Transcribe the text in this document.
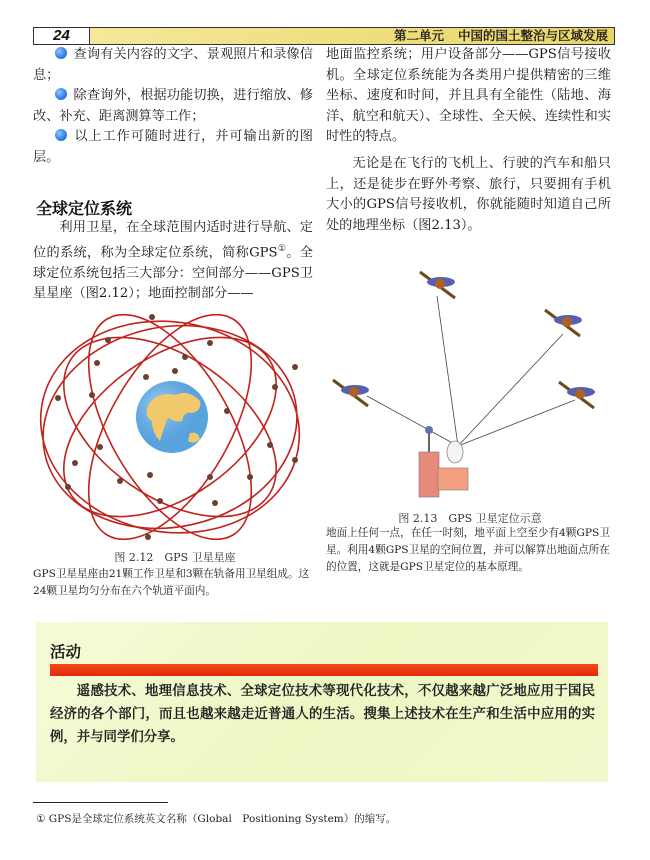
24	第二单元 中国的国土整治与区域发展

查询有关内容的文字、景观照片和录像信息；

除查询外，根据功能切换，进行缩放、修改、补充、距离测算等工作；

以上工作可随时进行，并可输出新的图层。

全球定位系统

利用卫星，在全球范围内适时进行导航、定位的系统，称为全球定位系统，简称GPS①。全球定位系统包括三大部分：空间部分——GPS卫星星座（图2.12）；地面控制部分——

地面监控系统；用户设备部分——GPS信号接收机。全球定位系统能为各类用户提供精密的三维坐标、速度和时间，并且具有全能性（陆地、海洋、航空和航天）、全球性、全天候、连续性和实时性的特点。

无论是在飞行的飞机上、行驶的汽车和船只上，还是徒步在野外考察、旅行，只要拥有手机大小的GPS信号接收机，你就能随时知道自己所处的地理坐标（图2.13）。

图 2.12　GPS 卫星星座
GPS卫星星座由21颗工作卫星和3颗在轨备用卫星组成。这24颗卫星均匀分布在六个轨道平面内。
图 2.13　GPS 卫星定位示意
地面上任何一点，在任一时刻，地平面上空至少有4颗GPS卫星。利用4颗GPS卫星的空间位置，并可以解算出地面点所在的位置，这就是GPS卫星定位的基本原理。
活动

遥感技术、地理信息技术、全球定位技术等现代化技术，不仅越来越广泛地应用于国民经济的各个部门，而且也越来越走近普通人的生活。搜集上述技术在生产和生活中应用的实例，并与同学们分享。

① GPS是全球定位系统英文名称（Global　Positioning System）的缩写。
